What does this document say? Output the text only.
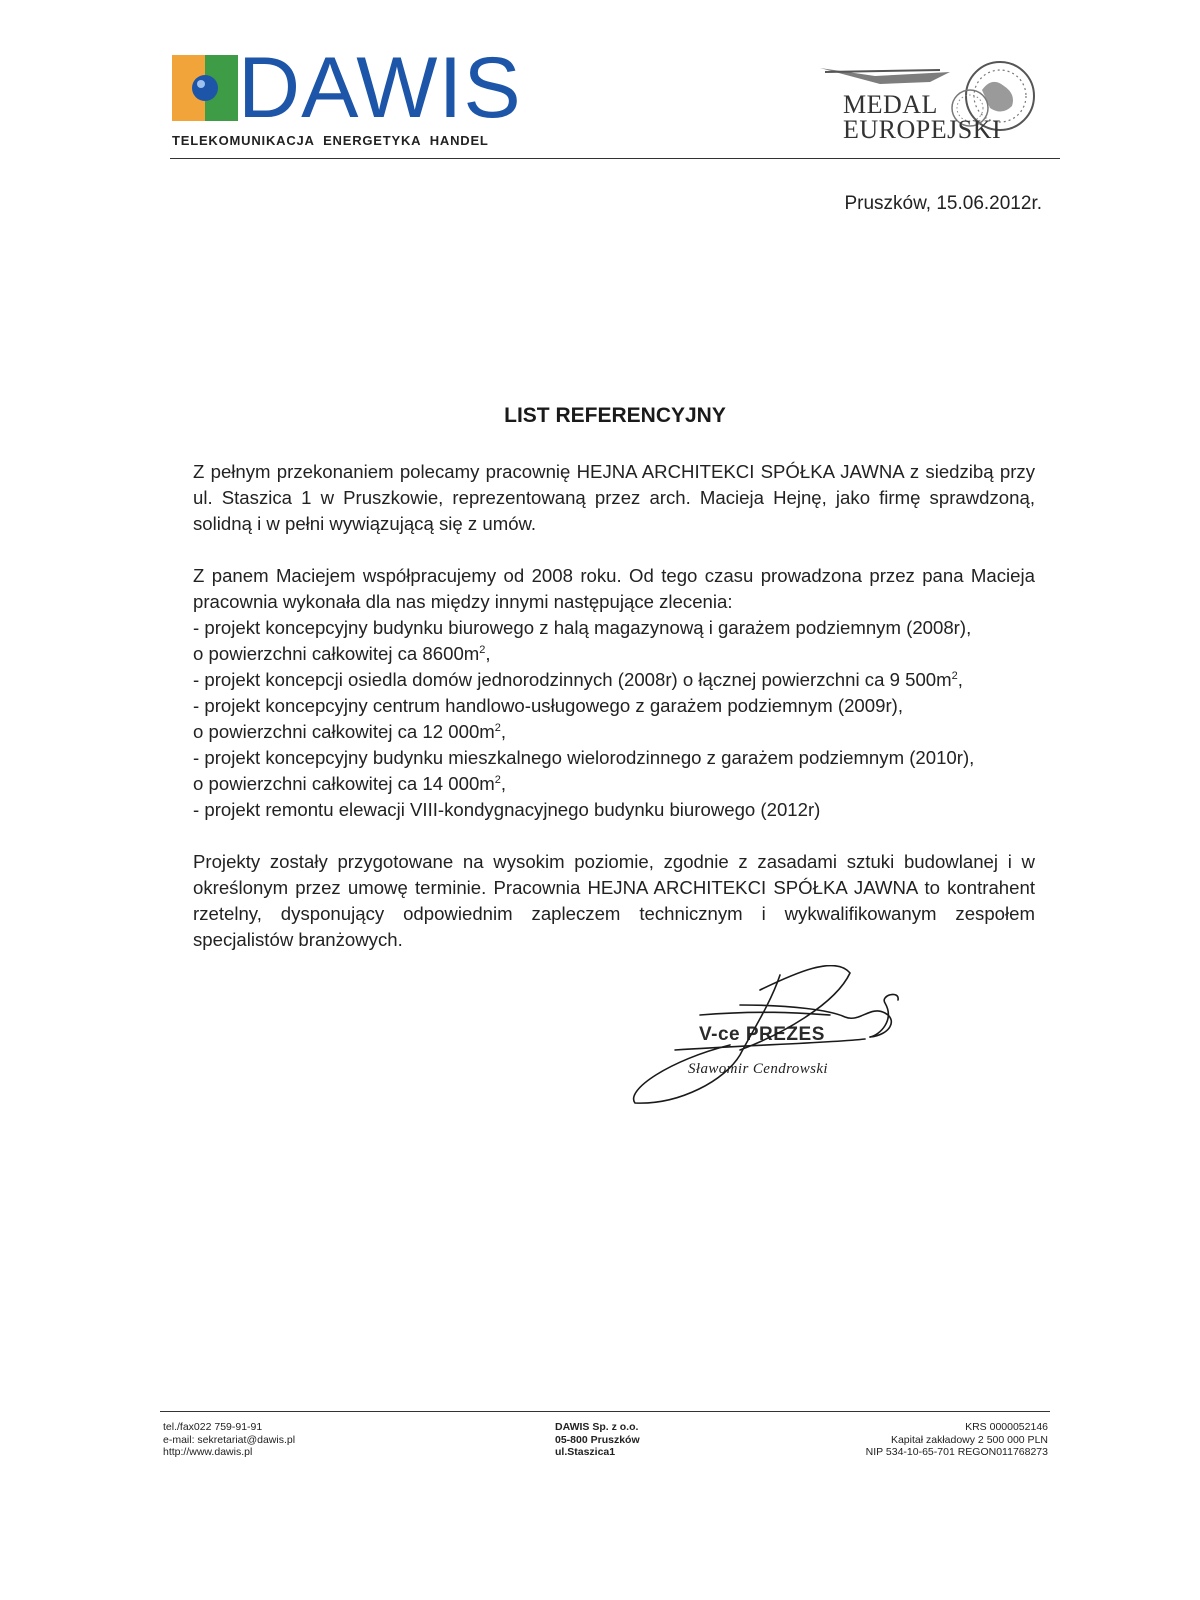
DAWIS
TELEKOMUNIKACJA  ENERGETYKA  HANDEL
MEDAL
EUROPEJSKI
Pruszków, 15.06.2012r.
LIST REFERENCYJNY

Z pełnym przekonaniem polecamy pracownię HEJNA ARCHITEKCI SPÓŁKA JAWNA z siedzibą przy ul. Staszica 1 w Pruszkowie, reprezentowaną przez arch. Macieja Hejnę, jako firmę sprawdzoną, solidną i w pełni wywiązującą się z umów.

Z panem Maciejem współpracujemy od 2008 roku. Od tego czasu prowadzona przez pana Macieja pracownia wykonała dla nas między innymi następujące zlecenia:

- projekt koncepcyjny budynku biurowego z halą magazynową i garażem podziemnym (2008r),
o powierzchni całkowitej ca $8600m^2$,
- projekt koncepcji osiedla domów jednorodzinnych (2008r) o łącznej powierzchni ca 9 $500m^2$,
- projekt koncepcyjny centrum handlowo-usługowego z garażem podziemnym (2009r),
o powierzchni całkowitej ca 12 $000m^2$,
- projekt koncepcyjny budynku mieszkalnego wielorodzinnego z garażem podziemnym (2010r),
o powierzchni całkowitej ca 14 $000m^2$,
- projekt remontu elewacji VIII-kondygnacyjnego budynku biurowego (2012r)

Projekty zostały przygotowane na wysokim poziomie, zgodnie z zasadami sztuki budowlanej i w określonym przez umowę terminie. Pracownia HEJNA ARCHITEKCI SPÓŁKA JAWNA to kontrahent rzetelny, dysponujący odpowiednim zapleczem technicznym i wykwalifikowanym zespołem specjalistów branżowych.

V-ce PREZES
Sławomir Cendrowski
tel./fax022 759-91-91
e-mail: sekretariat@dawis.pl
http://www.dawis.pl
DAWIS Sp. z o.o.
05-800 Pruszków
ul.Staszica1
KRS 0000052146
Kapitał zakładowy 2 500 000 PLN
NIP 534-10-65-701 REGON011768273
